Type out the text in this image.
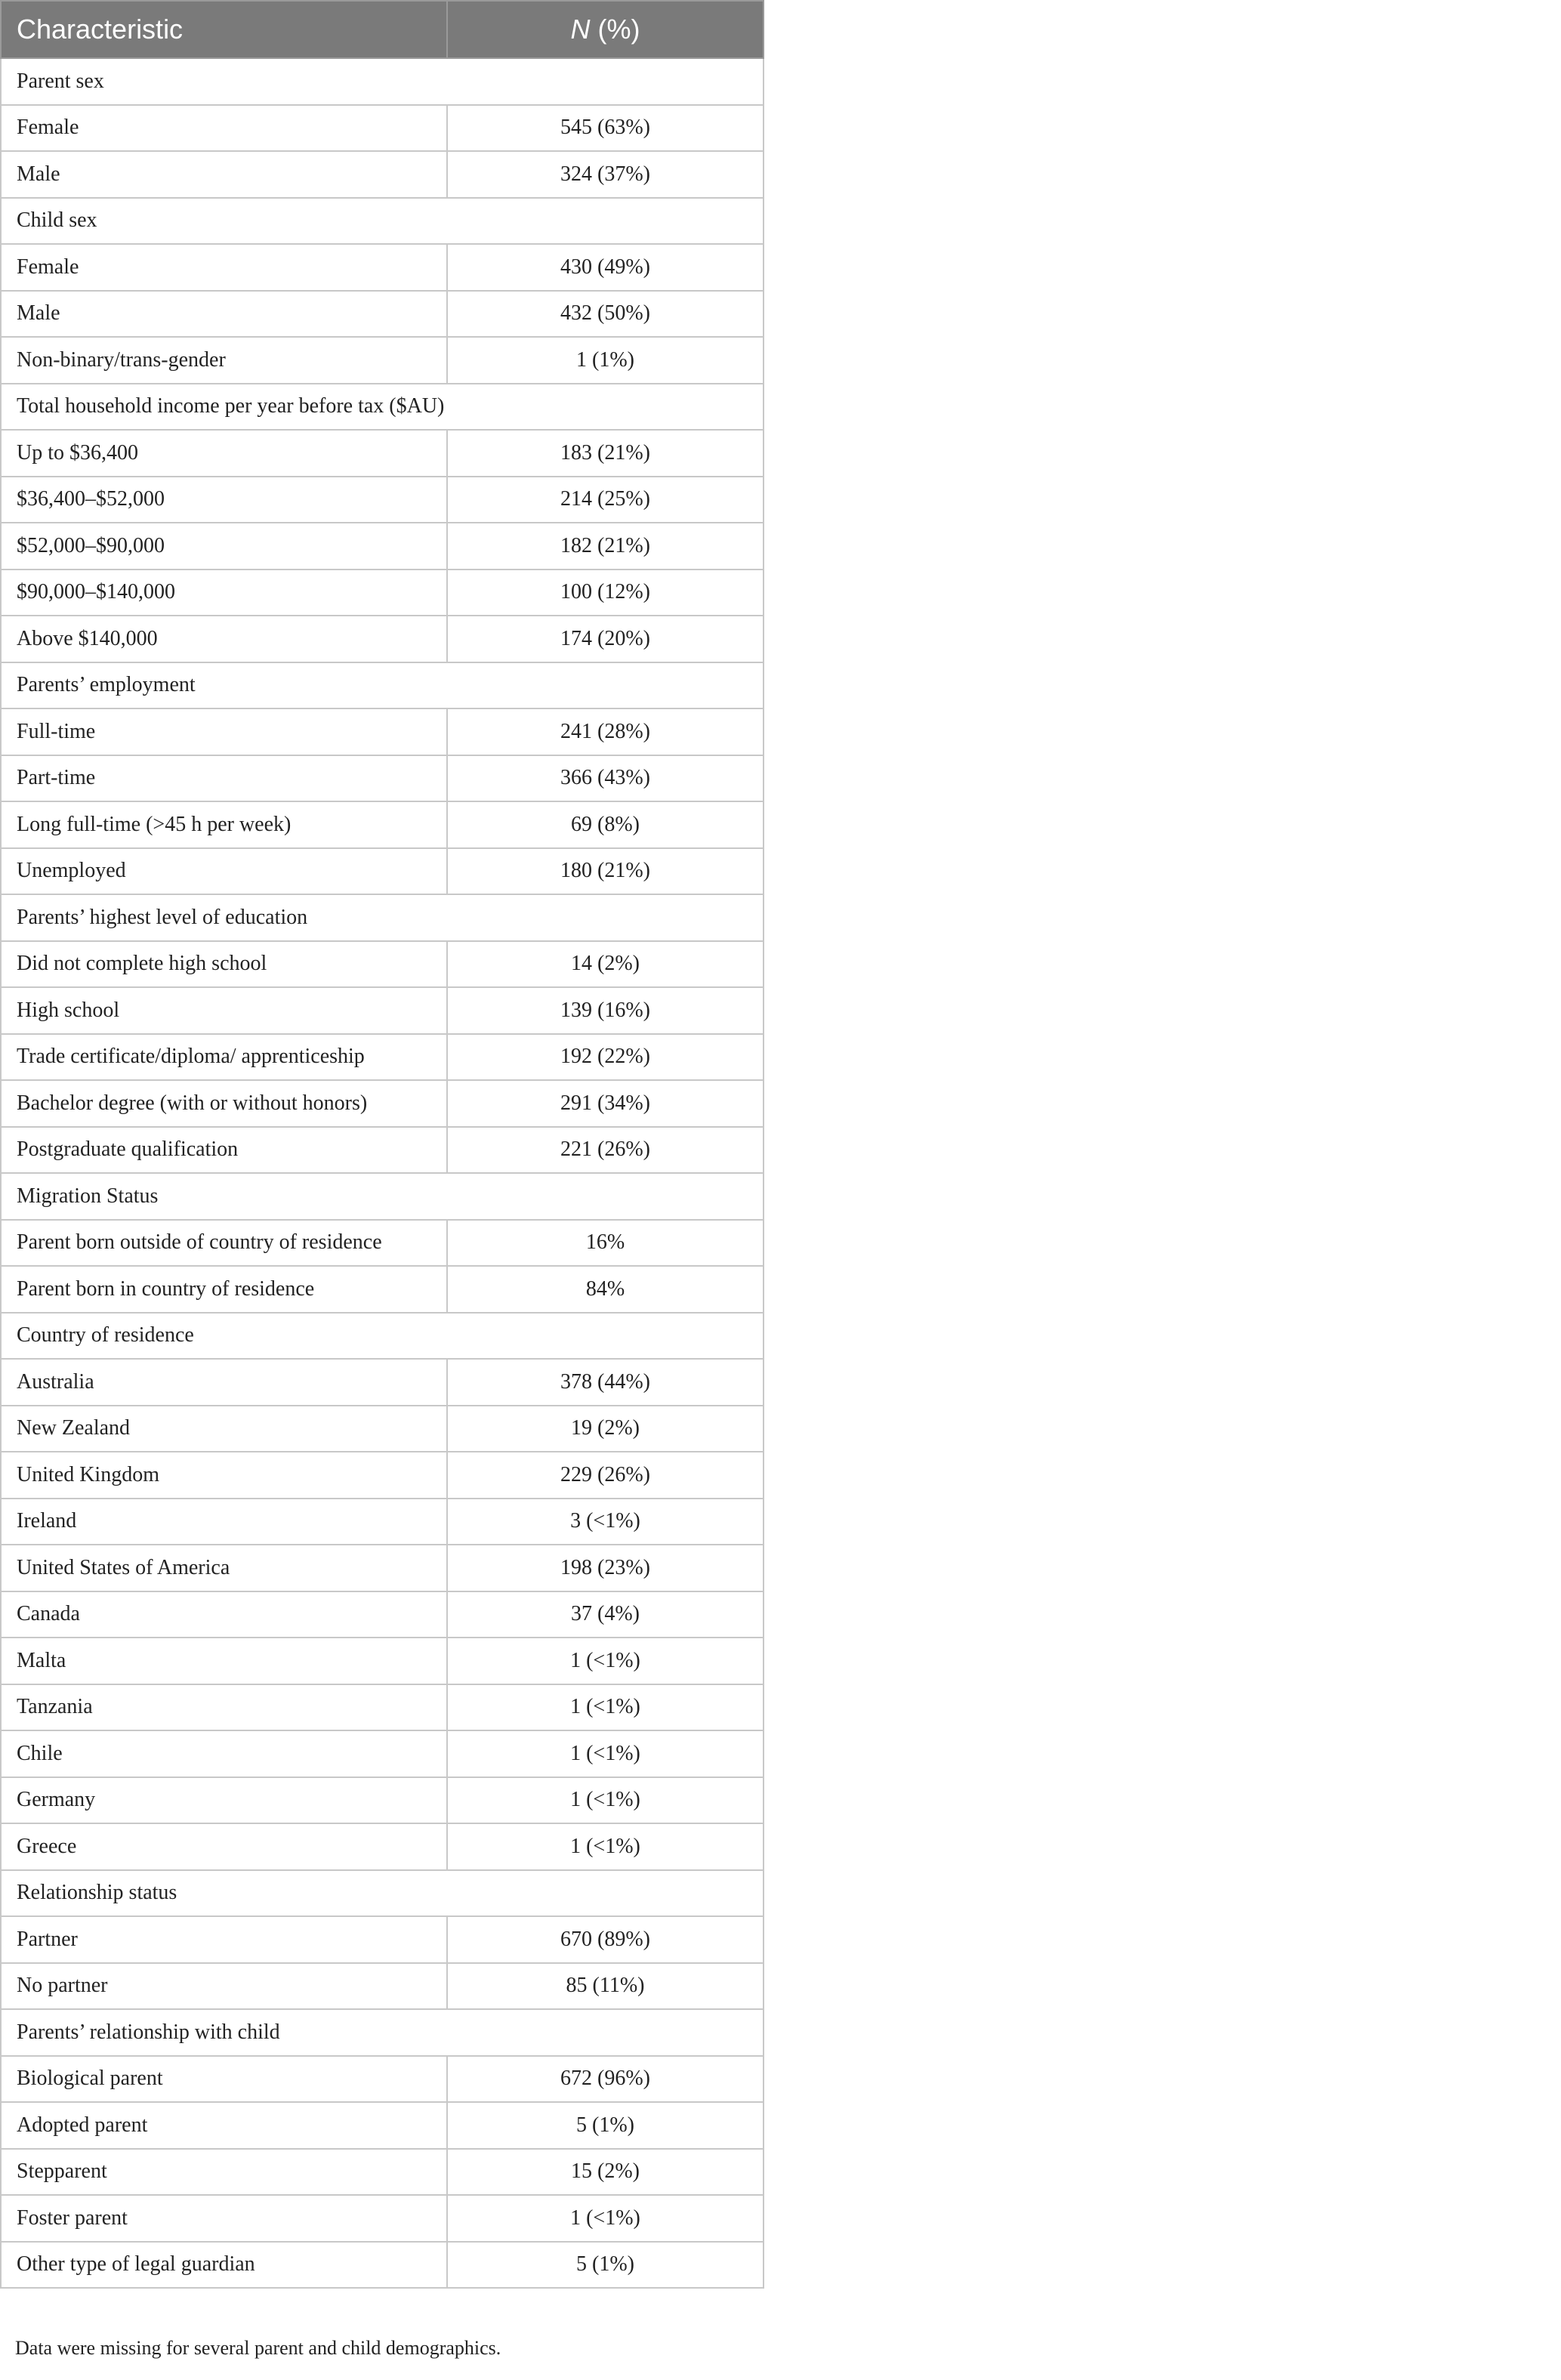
Characteristic	N (%)
Parent sex	
Female	545 (63%)
Male	324 (37%)
Child sex	
Female	430 (49%)
Male	432 (50%)
Non-binary/trans-gender	1 (1%)
Total household income per year before tax ($AU)	
Up to $36,400	183 (21%)
$36,400–$52,000	214 (25%)
$52,000–$90,000	182 (21%)
$90,000–$140,000	100 (12%)
Above $140,000	174 (20%)
Parents’ employment	
Full-time	241 (28%)
Part-time	366 (43%)
Long full-time (>45 h per week)	69 (8%)
Unemployed	180 (21%)
Parents’ highest level of education	
Did not complete high school	14 (2%)
High school	139 (16%)
Trade certificate/diploma/ apprenticeship	192 (22%)
Bachelor degree (with or without honors)	291 (34%)
Postgraduate qualification	221 (26%)
Migration Status	
Parent born outside of country of residence	16%
Parent born in country of residence	84%
Country of residence	
Australia	378 (44%)
New Zealand	19 (2%)
United Kingdom	229 (26%)
Ireland	3 (<1%)
United States of America	198 (23%)
Canada	37 (4%)
Malta	1 (<1%)
Tanzania	1 (<1%)
Chile	1 (<1%)
Germany	1 (<1%)
Greece	1 (<1%)
Relationship status	
Partner	670 (89%)
No partner	85 (11%)
Parents’ relationship with child	
Biological parent	672 (96%)
Adopted parent	5 (1%)
Stepparent	15 (2%)
Foster parent	1 (<1%)
Other type of legal guardian	5 (1%)
Data were missing for several parent and child demographics.
